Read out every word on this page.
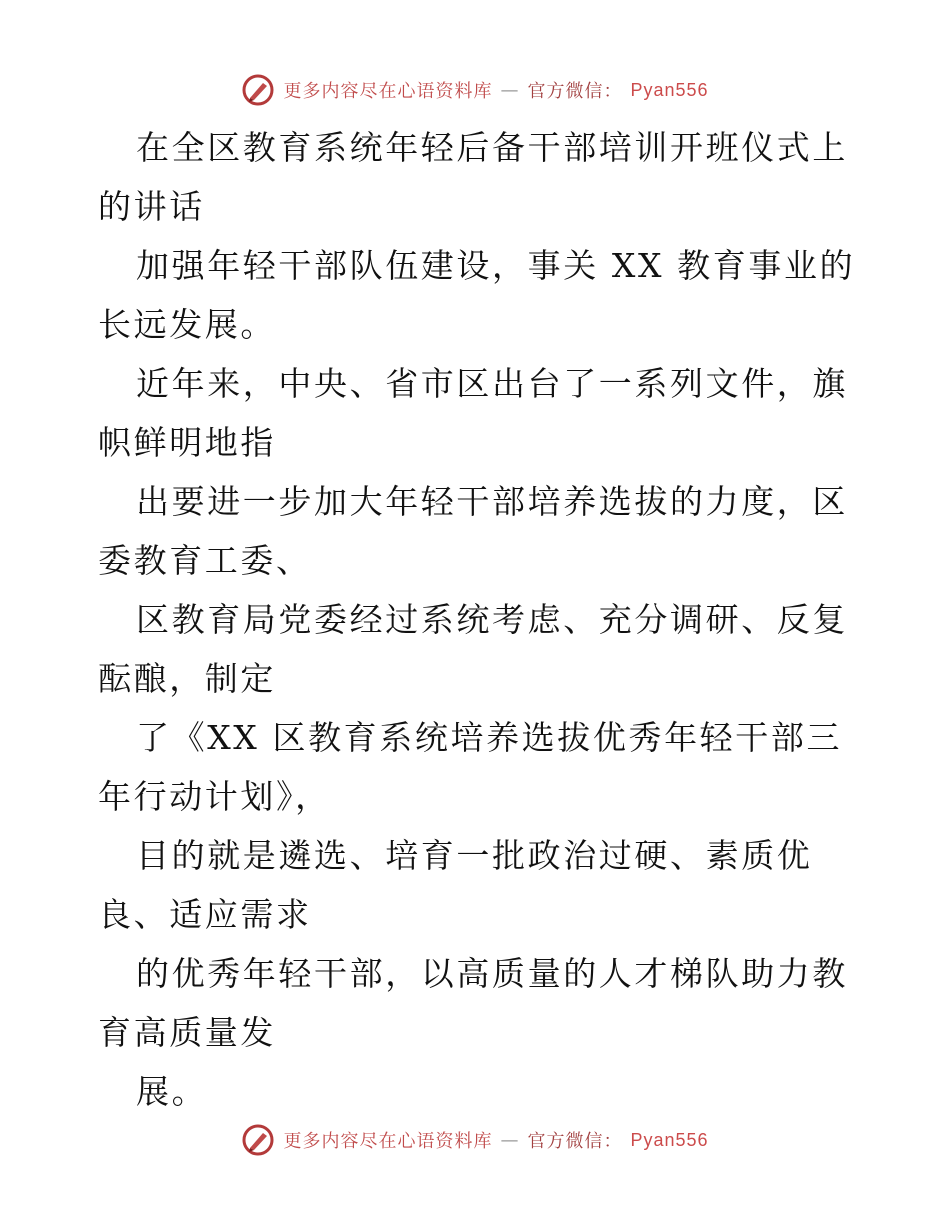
更多内容尽在心语资料库 — 官方微信： Pyan556

在全区教育系统年轻后备干部培训开班仪式上的讲话

加强年轻干部队伍建设，事关 XX 教育事业的长远发展。

近年来，中央、省市区出台了一系列文件，旗帜鲜明地指

出要进一步加大年轻干部培养选拔的力度，区委教育工委、

区教育局党委经过系统考虑、充分调研、反复酝酿，制定

了《XX 区教育系统培养选拔优秀年轻干部三年行动计划》，

目的就是遴选、培育一批政治过硬、素质优良、适应需求

的优秀年轻干部，以高质量的人才梯队助力教育高质量发

展。

更多内容尽在心语资料库 — 官方微信： Pyan556
